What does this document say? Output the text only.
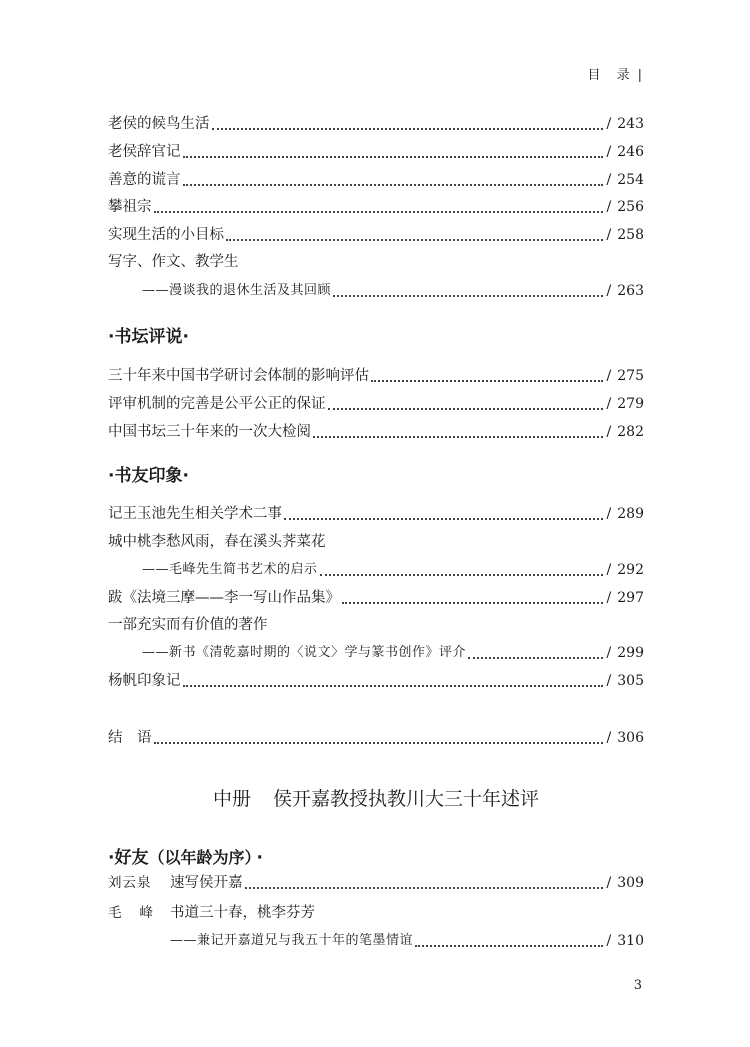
目 录 |
老侯的候鸟生活	/ 243
老侯辞官记	/ 246
善意的谎言	/ 254
攀祖宗	/ 256
实现生活的小目标	/ 258
写字、作文、教学生
——漫谈我的退休生活及其回顾	/ 263
·书坛评说·
三十年来中国书学研讨会体制的影响评估	/ 275
评审机制的完善是公平公正的保证	/ 279
中国书坛三十年来的一次大检阅	/ 282
·书友印象·
记王玉池先生相关学术二事	/ 289
城中桃李愁风雨，春在溪头荠菜花
——毛峰先生简书艺术的启示	/ 292
跋《法境三摩——李一写山作品集》	/ 297
一部充实而有价值的著作
——新书《清乾嘉时期的〈说文〉学与篆书创作》评介	/ 299
杨帆印象记	/ 305
结　语	/ 306
中册 侯开嘉教授执教川大三十年述评
·好友（以年龄为序） ·
刘云泉 速写侯开嘉	/ 309
毛峰书道三十春，桃李芬芳
——兼记开嘉道兄与我五十年的笔墨情谊	/ 310
3
